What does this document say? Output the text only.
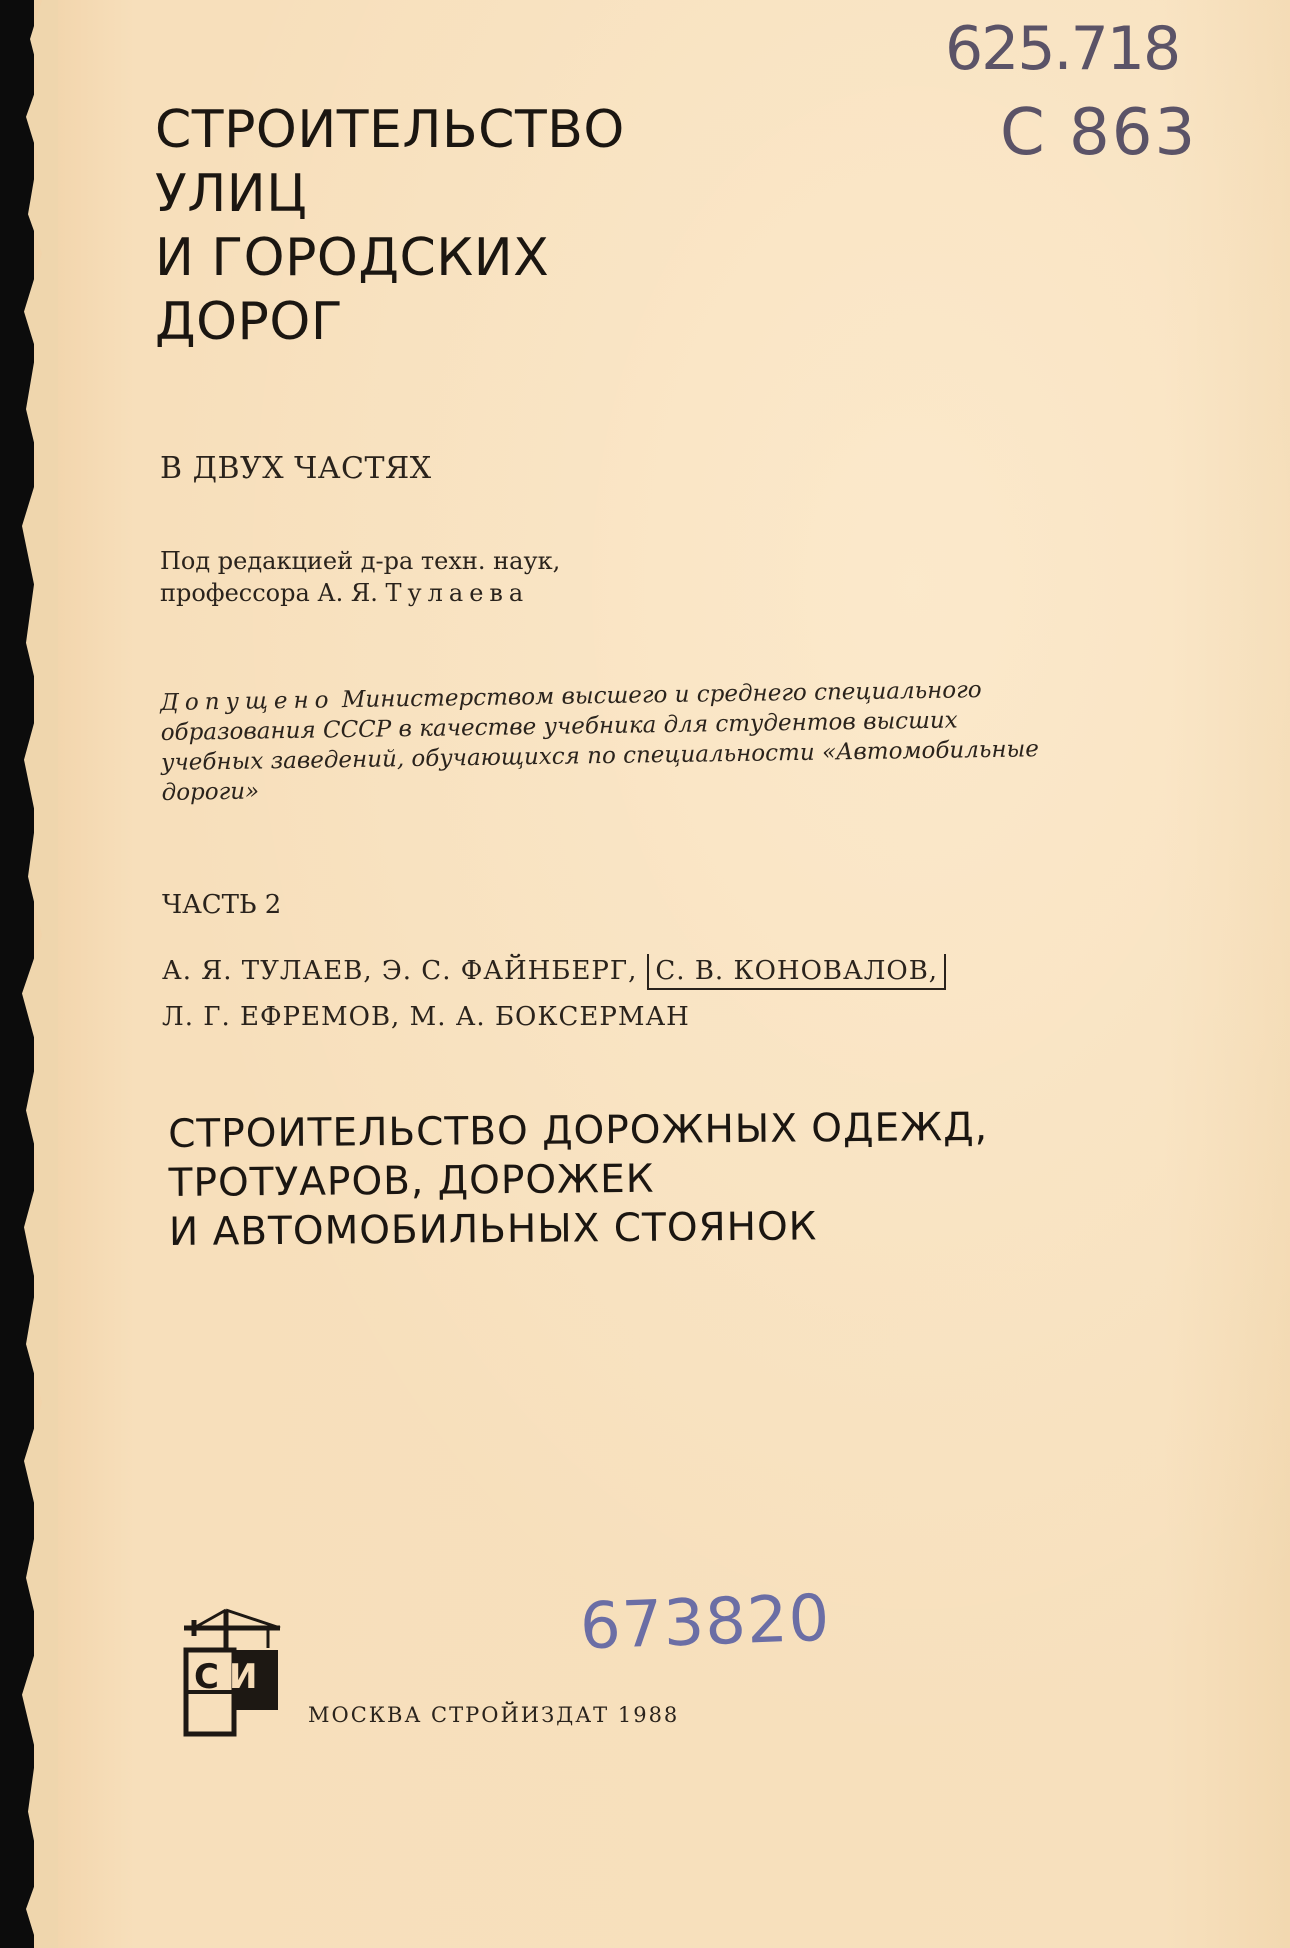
625.718
С 863
СТРОИТЕЛЬСТВО
УЛИЦ
И ГОРОДСКИХ
ДОРОГ

В ДВУХ ЧАСТЯХ

Под редакцией д-ра техн. наук,
профессора А. Я. Тулаева

Допущено Министерством высшего и среднего специального
образования СССР в качестве учебника для студентов высших
учебных заведений, обучающихся по специальности «Автомобильные
дороги»

ЧАСТЬ 2

А. Я. ТУЛАЕВ, Э. С. ФАЙНБЕРГ, С. В. КОНОВАЛОВ,
Л. Г. ЕФРЕМОВ, М. А. БОКСЕРМАН

СТРОИТЕЛЬСТВО ДОРОЖНЫХ ОДЕЖД,
ТРОТУАРОВ, ДОРОЖЕК
И АВТОМОБИЛЬНЫХ СТОЯНОК
673820
С И

МОСКВА СТРОЙИЗДАТ 1988
